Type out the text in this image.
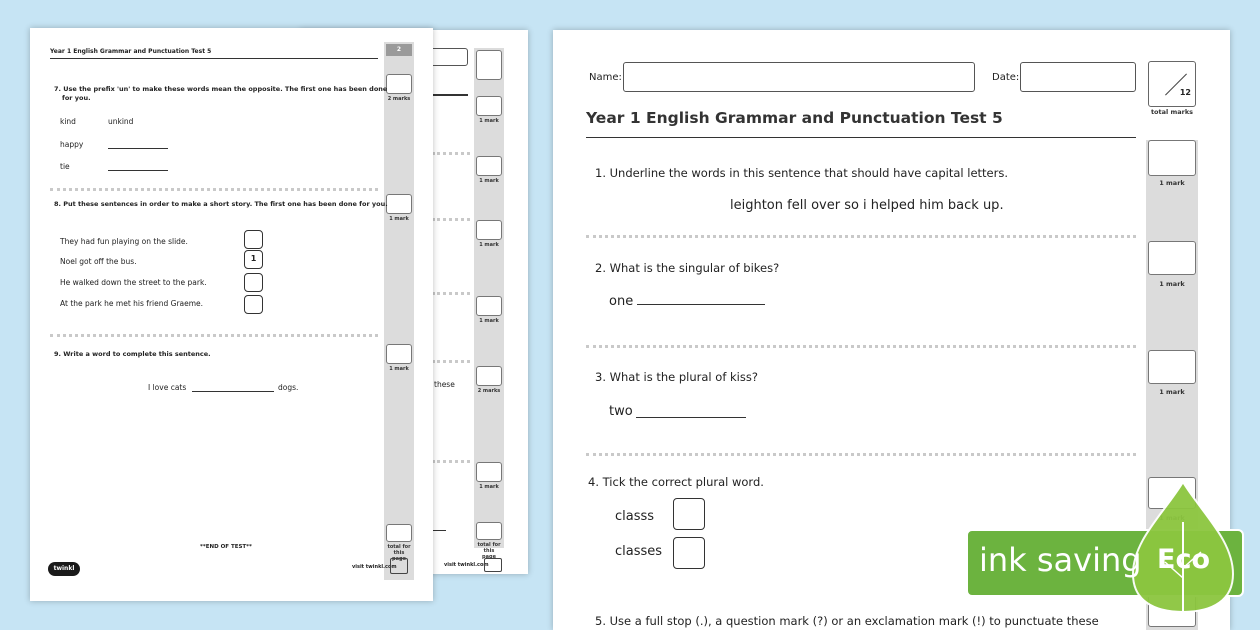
1 mark
1 mark
1 mark
1 mark
2 marks
1 mark
total for this page
these
visit twinkl.com
Year 1 English Grammar and Punctuation Test 5	2
2 marks
7. Use the prefix 'un' to make these words mean the opposite. The first one has been done
for you.
kind	unkind
happy
tie
1 mark
8. Put these sentences in order to make a short story. The first one has been done for you.
They had fun playing on the slide.
Noel got off the bus.	1
He walked down the street to the park.
At the park he met his friend Graeme.
1 mark
9. Write a word to complete this sentence.
I love cats	dogs.
**END OF TEST**	total for this page
twinkl	visit twinkl.com
Name:	Date:
12
total marks
Year 1 English Grammar and Punctuation Test 5
1. Underline the words in this sentence that should have capital letters.
leighton fell over so i helped him back up.
1 mark
2. What is the singular of bikes?
one
1 mark
3. What is the plural of kiss?
two
1 mark
4. Tick the correct plural word.
classs
classes
5. Use a full stop (.), a question mark (?) or an exclamation mark (!) to punctuate these
ink saving Eco
